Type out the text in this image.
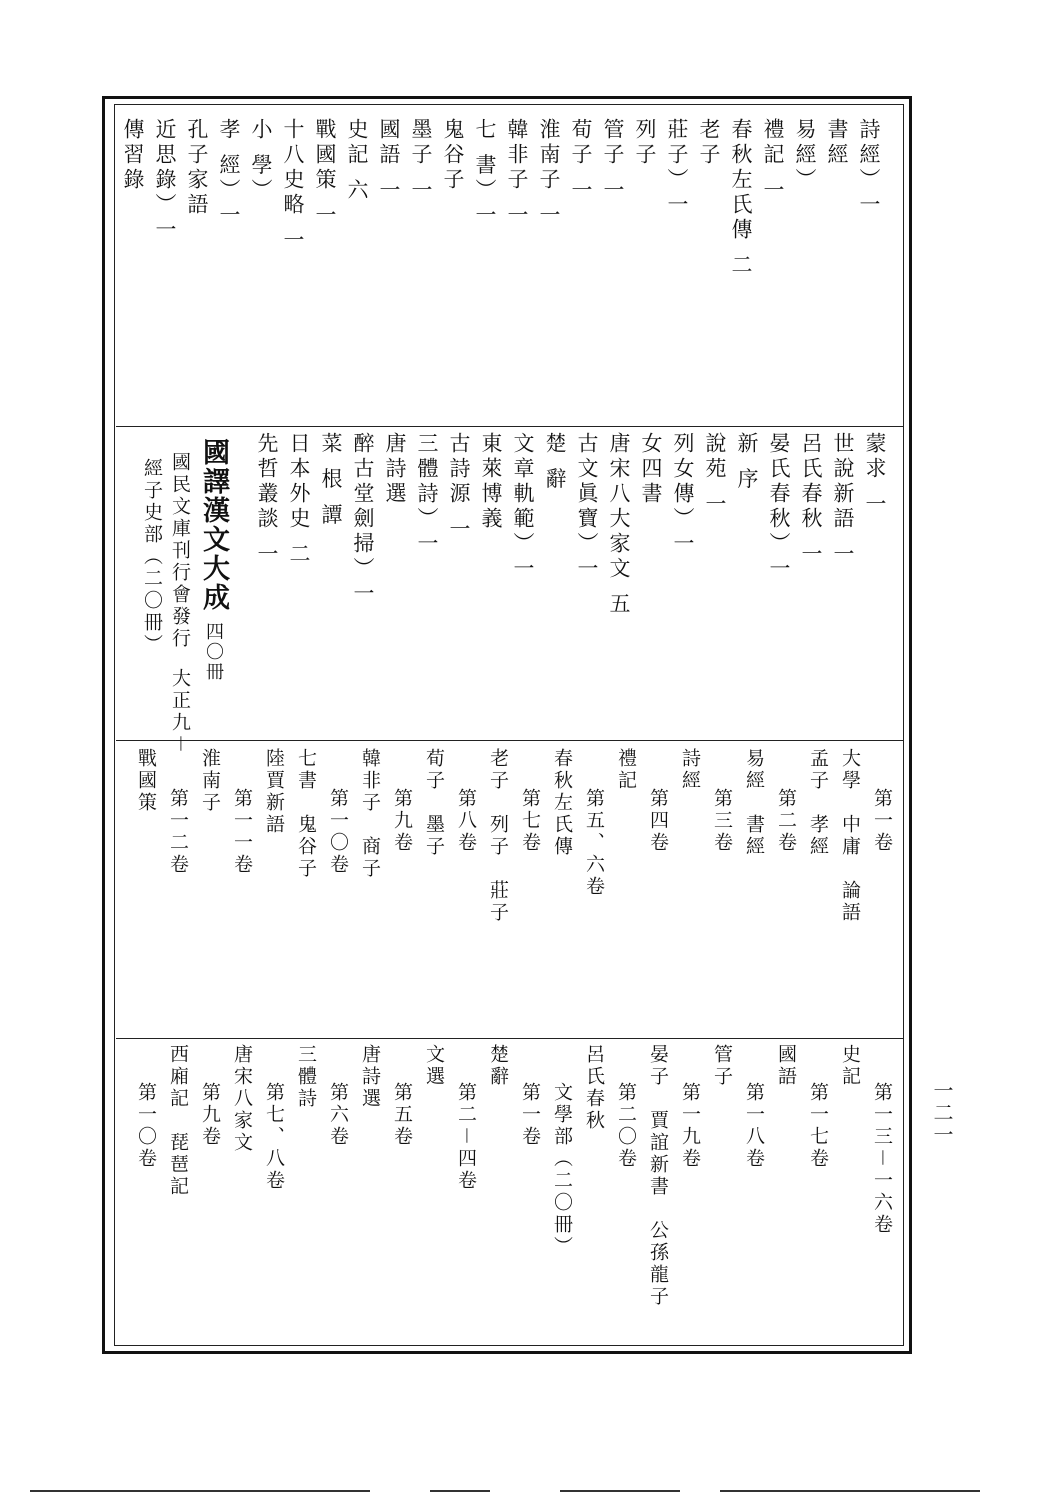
詩經）一
書經
易經）
禮記 一
春秋左氏傳 二
老子
莊子）一
列子
管子 一
荀子 一
淮南子 一
韓非子 一
七 書）一
鬼谷子
墨子 一
國語 一
史記 六
戰國策 一
十八史略 一
小 學）
孝 經）一
孔子家語
近思錄）一
傳習錄
蒙求 一
世說新語 一
呂氏春秋 一
晏氏春秋）一
新 序
說苑 一
列女傳）一
女四書
唐宋八大家文 五
古文眞寶）一
楚 辭
文章軌範）一
東萊博義
古詩源 一
三體詩）一
唐詩選
醉古堂劍掃）一
菜 根 譚
日本外史 二
先哲叢談 一
國譯漢文大成四〇冊
國民文庫刊行會發行大正九－
經子史部（二〇冊）
第一卷
大學　中庸　論語
孟子　孝經
第二卷
易經　書經
第三卷
詩經
第四卷
禮記
第五、六卷
春秋左氏傳
第七卷
老子　列子　莊子
第八卷
荀子　墨子
第九卷
韓非子　商子
第一〇卷
七書　鬼谷子
陸賈新語
第一一卷
淮南子
第一二卷
戰國策
第一三－一六卷
史記
第一七卷
國語
第一八卷
管子
第一九卷
晏子　賈誼新書　公孫龍子
第二〇卷
呂氏春秋
文學部（二〇冊）
第一卷
楚辭
第二－四卷
文選
第五卷
唐詩選
第六卷
三體詩
第七、八卷
唐宋八家文
第九卷
西廂記　琵琶記
第一〇卷	一二一
